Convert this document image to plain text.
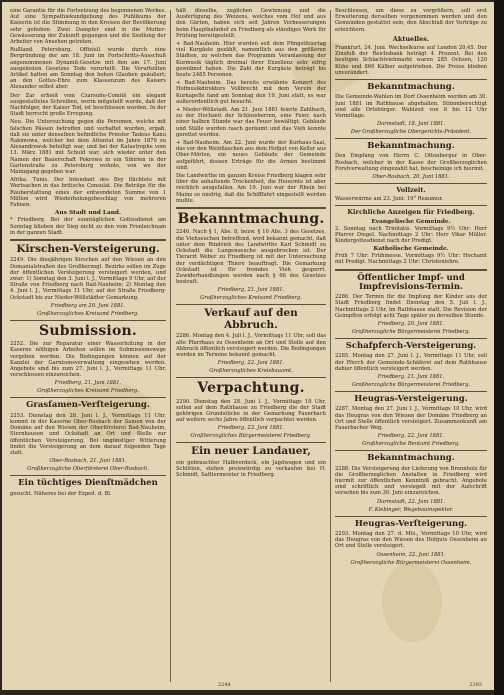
eine Garantie für die Fortsetzung des begonnenen Werkes. Auf eine Sympathiekundgebung des Publikums der Kaiserin ist die Stimmung in den Kreisen der Bevölkerung sehr gehoben. Zwei Dampfer sind in die Mutter-Gewässerung der Zukunft gegangen und die Siedlung der Arbeiter von Ansehen getreten.

Rußland. Petersburg. Offiziell wurde durch eine Bergründung der am 18. Juni im Fortschritts-Ausschuß angenommenen Dynamit-Gesetze mit den am 17. Juni ausgelosten Gesetzes Tode verurteilt. Die Verurteilten Artikel hatten am Sonntag den hohen Glauben geäußert; an den Gottes-Ehre zum Klassenzum des Kaisers Alexander selbst aber.

Der Zar erhielt vom Czarsuite-Comité ein elegant ausgestattetes Schreiben, worin mitgeteilt wurde, daß der Nachfolger, der Kaiser Tod, ist beschlossen worden. In der Stadt herrscht große Erregung.

Neu. Die Untersuchung gegen die Personen, welche mit falschen Pässen betroffen und verhaftet wurden, ergab, daß sie unter denselben befindliche Priester Tadeus Kanu Rakimowa, welcher bei dem Attentat im Jahre 1879 zu Alexandrowsk beteiligt war, und bei der Katastrophe vom 13. März 1881 mit Schuld war, sich wieder unter den Namen der Bauerschaft Pokrowa in ein Sibirien in der Gartenstraße zu Petersburg wohnte, von wo der Mainzgang gegeben war.

Afrika. Tunis. Der Intendant des Bey flüchtete mit Wertsachen in das britische Consulat. Die Beträge für die Räuberstattung eines der entwendeten Summe von 1 Million wird Wiederholungsbeschlag von mehreren Fahnen.

Aus Stadt und Land.

* Friedberg. Bei der sonntäglichen Gottesdienst am Sonntag blieben der Sieg nicht zu den vom Fronleichnam in der ganzen Stadt.

Kirschen-Versteigerung.

2249. Die diesjährigen Kirschen auf den Wiesen an den Domanialstraßen des Großherzogl. Bezirks sollen im Zuge der öffentlichen Versteigerung versteigert werden, und zwar: 1) Sonntag den 3. Juni l. J., Vormittags 9 Uhr, auf der Straße von Friedberg nach Bad-Nauheim; 2) Montag den 4. Juni l. J., Vormittags 11 Uhr, auf der Straße Friedberg-Ockstadt bis zur Nieder-Wöllstädter Gemarkung.

Friedberg am 20. Juni 1881.
Großherzogliches Kreisamt Friedberg.
Submission.

2252. Die zur Reparatur einer Wasserleitung in der Kaserne nöthigen Arbeiten sollen im Submissionswege vergeben werden. Die Bedingungen können auf der Kanzlei der Garnisonsverwaltung eingesehen werden. Angebote sind bis zum 27. Juni l. J., Vormittags 11 Uhr, verschlossen einzureichen.

Friedberg, 21. Juni 1881.
Großherzogliches Kreisamt Friedberg.
Grasſamen-Verſteigerung.

2253. Dienstag den 28. Juni l. J., Vormittags 11 Uhr, kommt in der Kaserne Ober-Rosbach der Samen von der Domäne auf den Wiesen der Oberförsterei Bad-Nauheim, Sternhausen und Ockstadt an Ort und Stelle zur öffentlichen Versteigerung. Bei ungünstiger Witterung findet die Versteigerung an dem darauf folgenden Tage statt.

Ober-Rosbach, 21. Juni 1881.
Großherzogliche Oberförsterei Ober-Rosbach.
Ein tüchtiges Dienſtmädchen

gesucht. Näheres bei der Exped. d. Bl.

hält dieselbe, zuglichen Gewinnung und die Ausfertigung des Weizens, welches vom Hof und aus den Gärten, haben sich seit Jahren Verbesserungen beim Hauptbahnhof zu Friedberg als ständiges Werk für Prüfung bereitgestellt.

+ Bad-Nauheim. Hier wurden seit dem Pfingstfeiertag viel Kurgäste gezählt, namentlich aus den größeren Städten, zu welchen das Programm Veranlassung der Kurmusik täglich dreimal ihrer Exzellenz sehr eifrig gewidmet haben. Die Zahl der Kurgäste beträgt bis heute 2485 Personen.

+ Bad-Nauheim. Das bereits erwähnte Konzert des Hofmusikdirektors Vollbrecht mit dem Verein der Kurkapelle fand am Sonntag den 19. Juni statt, es war außerordentlich gut besucht.

+ Nieder-Wöllstadt. Am 21. Juni 1881 feierte Zahlbach, zu der Hochzeit der Schlossherren, eine Feier, nach einer halben Stunde war das Feuer bewältigt. Gebäude und Ställe wurden rasch geräumt und das Vieh konnte gerettet werden.

+ Bad-Nauheim. Am 22. Juni wurde der Kurhaus-Saal, das vor den Weinflaschen aus dem Hofgut von Keller aus Ober-Mörlen, ein neues Gebäude der Gemeinde aufgeführt, dessen Erträge für die Armen bestimmt sind.

Die Landwirthe im ganzen Kreise Friedberg klagen sehr über die anhaltende Trockenheit, die Heuernte ist aber reichlich ausgefallen. Am 19. Juni war der Rhein bei Mainz so niedrig, daß die Schifffahrt eingestellt werden mußte.

Bekanntmachung.

2246. Nach § 1, Abs. 8, bezw. § 10 Abs. 3 des Gesetzes, die Viehseuchen betreffend, wird bekannt gemacht, daß unter dem Rindvieh des Landwirths Karl Schmidt zu Ockstadt die Lungenseuche ausgebrochen ist. Der Tierarzt Weber zu Friedberg ist mit der Untersuchung der verdächtigen Thiere beauftragt. Die Gemarkung Ockstadt ist für fremdes Vieh gesperrt. Zuwiderhandlungen werden nach § 66 des Gesetzes bestraft.

Friedberg, 21. Juni 1881.
Großherzogliches Kreisamt Friedberg.
Verkauf auf den Abbruch.

2286. Montag den 4. Juli l. J., Vormittags 11 Uhr, soll das alte Pfarrhaus zu Ossenheim an Ort und Stelle auf den Abbruch öffentlich versteigert werden. Die Bedingungen werden im Termine bekannt gemacht.

Friedberg, 22. Juni 1881.
Großherzogliches Kreisbauamt.
Verpachtung.

2290. Dienstag den 28. Juni l. J., Vormittags 10 Uhr, sollen auf dem Rathhause zu Friedberg die der Stadt gehörigen Grundstücke in der Gemarkung Fauerbach auf weitere sechs Jahre öffentlich verpachtet werden.

Friedberg, 23. Juni 1881.
Großherzogliches Bürgermeisterei Friedberg.
Ein neuer Landauer,

ein gebrauchter Halbverdeck, ein Jagdwagen und ein Schlitten, stehen preiswürdig zu verkaufen bei H. Schmidt, Sattlermeister in Friedberg.

Beschlossen, um diese zu vergrößern, soll erst Erweiterung derselben vorgenommen werden und den Gemeinden gestattet sein, den Abschluß der Verträge zu erleichtern.

Aktuelles.

Frankfurt, 24. Juni. Wechselkurse auf London 20,45. Der Zinsfuß der Reichsbank beträgt 4 Prozent. Bei den heutigen Schlachtviehmarkt waren 285 Ochsen, 120 Kühe und 860 Kälber aufgetrieben. Die Preise blieben unverändert.

Bekanntmachung.

Die Gemeinde-Wahlen im Dorf Ossenheim werden am 30. Juni 1881 im Rathhause abgehalten. Stimmberechtigt sind alle Ortsbürger. Wahlzeit von 8 bis 12 Uhr Vormittags.

Darmstadt, 18. Juni 1881.
Der Großherzogliche Obergerichts-Präsident.
Bekanntmachung.

Den Empfang von Herrn C. Ottenberger in Ober-Rosbach, welcher in der Kasse der Großherzoglichen Forstverwaltung eingezahlt hat, bescheinige ich hiermit.

Ober-Rosbach, 20. Juni 1881.
Vollzeit.

Wasserwärme am 23. Juni: 19° Reaumur.

Kirchliche Anzeigen für Friedberg.
Evangelische Gemeinde.

2. Sonntag nach Trinitatis. Vormittags 9½ Uhr: Herr Pfarrer Diegel. Nachmittags 2 Uhr: Herr Vikar Müller. Kindergottesdienst nach der Predigt.

Katholische Gemeinde.

Früh 7 Uhr: Frühmesse. Vormittags 9½ Uhr: Hochamt mit Predigt. Nachmittags 2 Uhr: Christenlehre.

Öffentlicher Impf- und Impfrevisions-Termin.

2286. Der Termin für die Impfung der Kinder aus der Stadt Friedberg findet Dienstag den 5. Juli l. J., Nachmittags 2 Uhr, im Rathhause statt. Die Revision der Geimpften erfolgt acht Tage später zu derselben Stunde.

Friedberg, 20. Juni 1881.
Großherzogliche Bürgermeisterei Friedberg.
Schafpferch-Versteigerung.

2285. Montag den 27. Juni l. J., Vormittags 11 Uhr, soll der Pferch der Gemeinde-Schäferei auf dem Rathhause dahier öffentlich versteigert werden.

Friedberg, 21. Juni 1881.
Großherzogliche Bürgermeisterei Friedberg.
Heugras-Versteigerung.

2287. Montag den 27. Juni l. J., Vormittags 10 Uhr, wird das Heugras von den Wiesen der Domäne Friedberg an Ort und Stelle öffentlich versteigert. Zusammenkunft am Fauerbacher Weg.

Friedberg, 22. Juni 1881.
Großherzogliche Rentamt Friedberg.
Bekanntmachung.

2288. Die Versteigerung der Lieferung von Brennholz für die Großherzoglichen Anstalten in Friedberg wird hiermit zur öffentlichen Kenntniß gebracht. Angebote sind schriftlich und versiegelt mit der Aufschrift versehen bis zum 30. Juni einzureichen.

Darmstadt, 22. Juni 1881.
F. Kiebinger, Wegebauinspektor.
Heugras-Verſteigerung.

2293. Montag den 27. d. Mts., Vormittags 10 Uhr, wird das Heugras von den Wiesen des Hofguts Ossenheim an Ort und Stelle versteigert.

Ossenheim, 22. Juni 1881.
Großherzogliche Bürgermeisterei Ossenheim.
2244	2293
